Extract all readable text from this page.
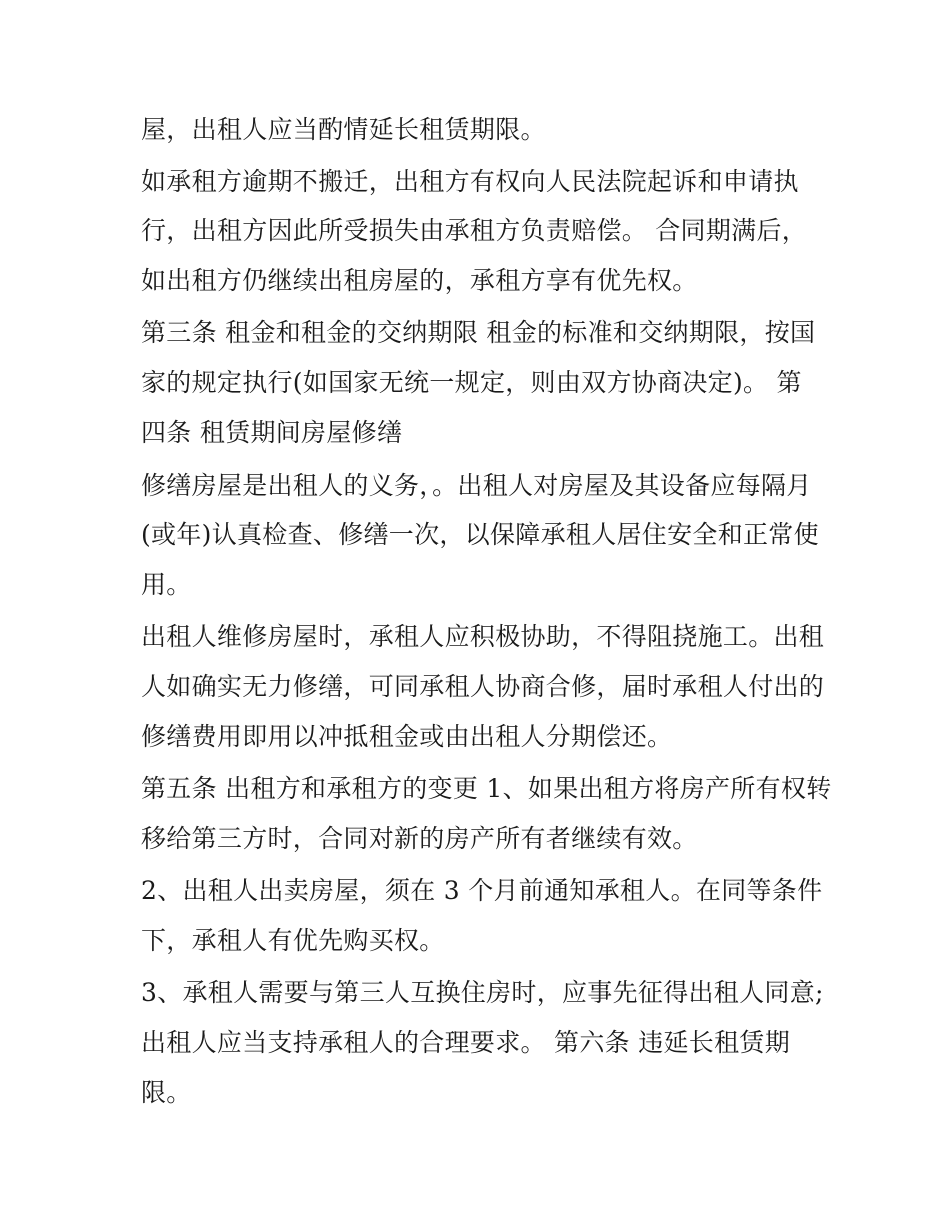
屋，出租人应当酌情延长租赁期限。
如承租方逾期不搬迁，出租方有权向人民法院起诉和申请执
行，出租方因此所受损失由承租方负责赔偿。 合同期满后，
如出租方仍继续出租房屋的，承租方享有优先权。
第三条 租金和租金的交纳期限 租金的标准和交纳期限，按国
家的规定执行(如国家无统一规定，则由双方协商决定)。 第
四条 租赁期间房屋修缮
修缮房屋是出租人的义务，。出租人对房屋及其设备应每隔月
(或年)认真检查、修缮一次，以保障承租人居住安全和正常使
用。
出租人维修房屋时，承租人应积极协助，不得阻挠施工。出租
人如确实无力修缮，可同承租人协商合修，届时承租人付出的
修缮费用即用以冲抵租金或由出租人分期偿还。
第五条 出租方和承租方的变更 1、如果出租方将房产所有权转
移给第三方时，合同对新的房产所有者继续有效。
2、出租人出卖房屋，须在 3 个月前通知承租人。在同等条件
下，承租人有优先购买权。
3、承租人需要与第三人互换住房时，应事先征得出租人同意;
出租人应当支持承租人的合理要求。 第六条 违延长租赁期
限。
